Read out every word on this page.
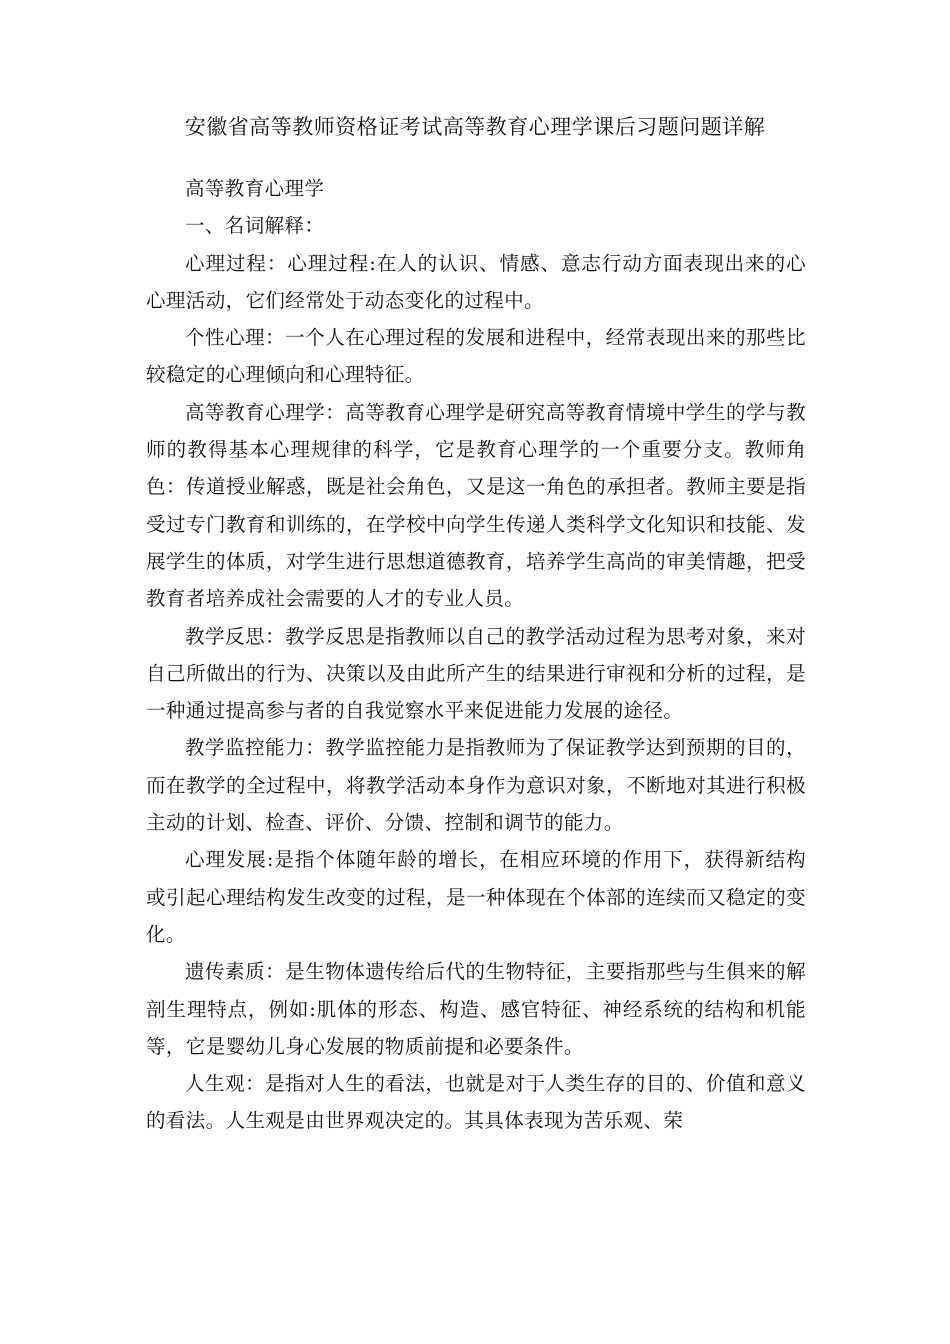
安徽省高等教师资格证考试高等教育心理学课后习题问题详解

高等教育心理学

一、名词解释：

心理过程：心理过程:在人的认识、情感、意志行动方面表现出来的心心理活动，它们经常处于动态变化的过程中。

个性心理：一个人在心理过程的发展和进程中，经常表现出来的那些比较稳定的心理倾向和心理特征。

高等教育心理学：高等教育心理学是研究高等教育情境中学生的学与教师的教得基本心理规律的科学，它是教育心理学的一个重要分支。教师角色：传道授业解惑，既是社会角色，又是这一角色的承担者。教师主要是指受过专门教育和训练的，在学校中向学生传递人类科学文化知识和技能、发展学生的体质，对学生进行思想道德教育，培养学生高尚的审美情趣，把受教育者培养成社会需要的人才的专业人员。

教学反思：教学反思是指教师以自己的教学活动过程为思考对象，来对自己所做出的行为、决策以及由此所产生的结果进行审视和分析的过程，是一种通过提高参与者的自我觉察水平来促进能力发展的途径。

教学监控能力：教学监控能力是指教师为了保证教学达到预期的目的，而在教学的全过程中，将教学活动本身作为意识对象，不断地对其进行积极主动的计划、检查、评价、分馈、控制和调节的能力。

心理发展:是指个体随年龄的增长，在相应环境的作用下，获得新结构或引起心理结构发生改变的过程，是一种体现在个体部的连续而又稳定的变化。

遗传素质：是生物体遗传给后代的生物特征，主要指那些与生俱来的解剖生理特点，例如:肌体的形态、构造、感官特征、神经系统的结构和机能等，它是婴幼儿身心发展的物质前提和必要条件。

人生观：是指对人生的看法，也就是对于人类生存的目的、价值和意义的看法。人生观是由世界观决定的。其具体表现为苦乐观、荣
